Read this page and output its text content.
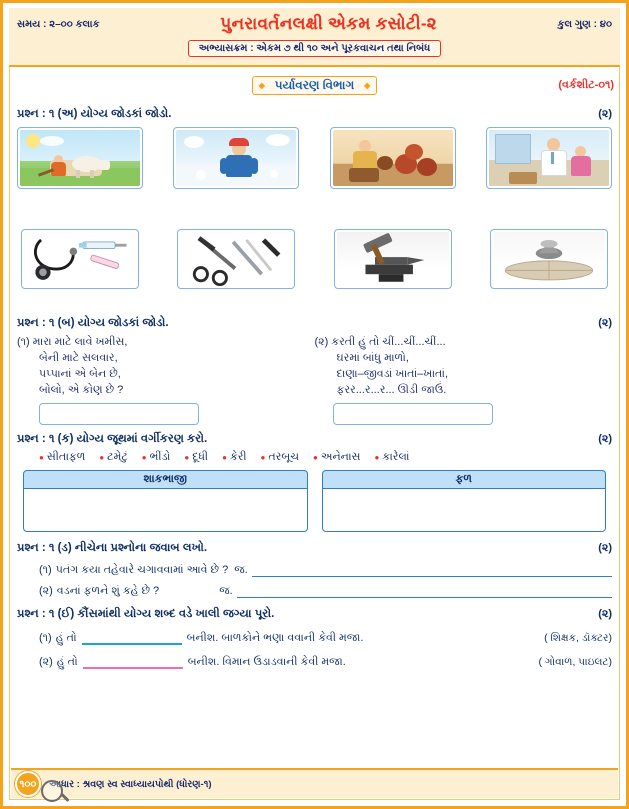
સમય : ૨–૦૦ કલાક	પુનરાવર્તનલક્ષી એકમ કસોટી-૨	કુલ ગુણ : ૪૦
અભ્યાસક્રમ : એકમ ૭ થી ૧૦ અને પૂરકવાચન તથા નિબંધ
◆ પર્યાવરણ વિભાગ ◆	(વર્કશીટ-૦૧)
પ્રશ્ન : ૧ (અ) યોગ્ય જોડકાં જોડો.	(૨)
પ્રશ્ન : ૧ (બ) યોગ્ય જોડકાં જોડો.	(૨)
(૧) મારા માટે લાવે ખમીસ,
બેની માટે સલવાર,
પપ્પાનાં એ બેન છે,
બોલો, એ કોણ છે ?
(૨) કરતી હું તો ચીં...ચીં...ચીં...
ઘરમાં બાંધુ માળો,
દાણા–જીવડાં ખાતાં–ખાતાં,
ફરર...ર...ર... ઊડી જાઉં.
પ્રશ્ન : ૧ (ક) યોગ્ય જૂથમાં વર્ગીકરણ કરો.	(૨)
● સીતાફળ	● ટમેટું	● ભીંડો	● દૂધી	● કેરી	● તરબૂચ	● અનેનાસ	● કારેલાં
શાકભાજી	ફળ
પ્રશ્ન : ૧ (ડ) નીચેના પ્રશ્નોના જવાબ લખો.	(૨)
(૧) પતંગ કયા તહેવારે ચગાવવામાં આવે છે ? જ.
(૨) વડનાં ફળને શું કહે છે ?	જ.
પ્રશ્ન : ૧ (ઈ) કૌંસમાંથી યોગ્ય શબ્દ વડે ખાલી જગ્યા પૂરો.	(૨)
(૧) હું તો	બનીશ. બાળકોને ભણા વવાની કેવી મજા.	( શિક્ષક, ડૉક્ટર)
(૨) હું તો	બનીશ. વિમાન ઉડાડવાની કેવી મજા.	( ગોવાળ, પાઇલટ)
૧૦૦	આધાર : શ્રવણ સ્વ સ્વાધ્યાયપોથી (ધોરણ-૧)
